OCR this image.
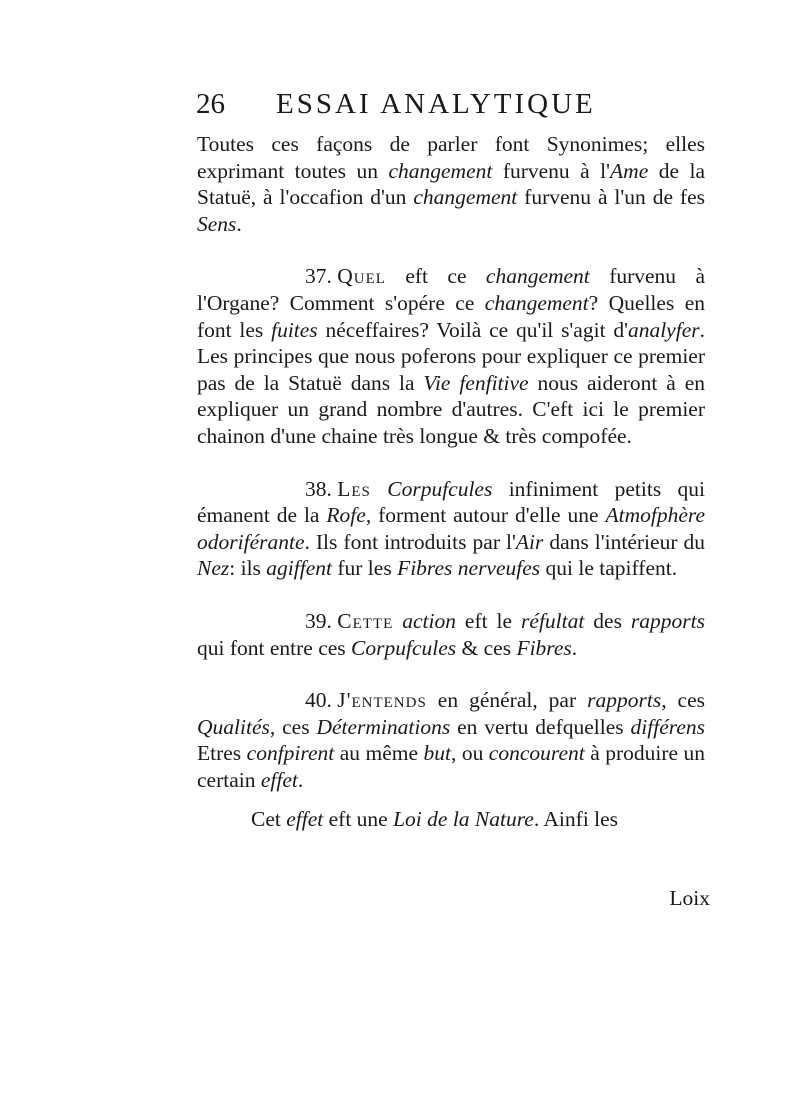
26 ESSAI ANALYTIQUE

Toutes ces façons de parler font Synonimes; elles exprimant toutes un changement furvenu à l'Ame de la Statuë, à l'occafion d'un changement furvenu à l'un de fes Sens.

37. Quel eft ce changement furvenu à l'Organe? Comment s'opére ce changement? Quelles en font les fuites néceffaires? Voilà ce qu'il s'agit d'analyfer. Les principes que nous poferons pour expliquer ce premier pas de la Statuë dans la Vie fenfitive nous aideront à en expliquer un grand nombre d'autres. C'eft ici le premier chainon d'une chaine très longue & très compofée.

38. Les Corpufcules infiniment petits qui émanent de la Rofe, forment autour d'elle une Atmofphère odoriférante. Ils font introduits par l'Air dans l'intérieur du Nez: ils agiffent fur les Fibres nerveufes qui le tapiffent.

39. Cette action eft le réfultat des rapports qui font entre ces Corpufcules & ces Fibres.

40. J'entends en général, par rapports, ces Qualités, ces Déterminations en vertu defquelles différens Etres confpirent au même but, ou concourent à produire un certain effet.

Cet effet eft une Loi de la Nature. Ainfi les

Loix
